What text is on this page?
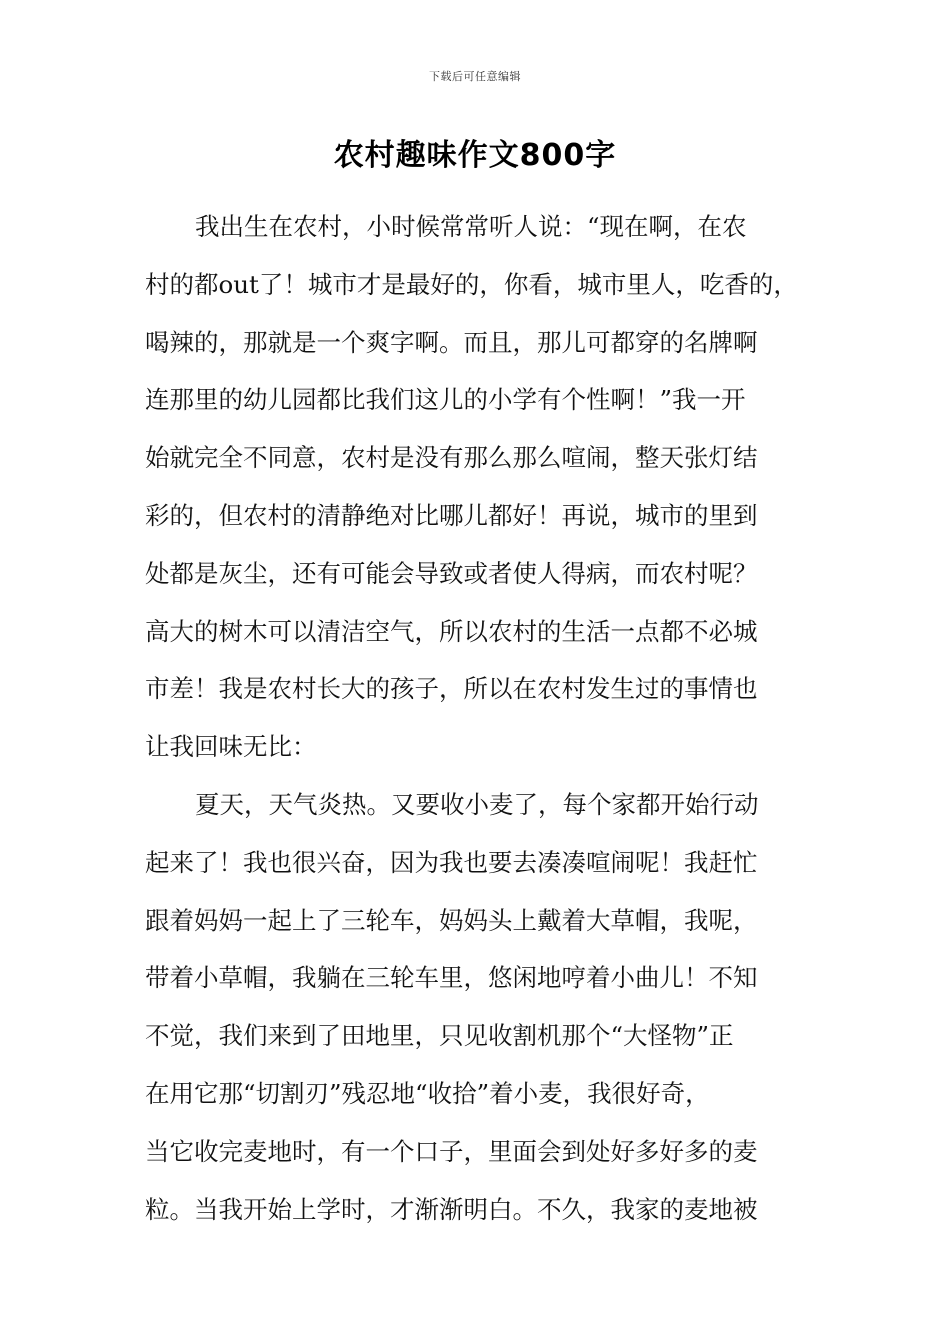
下载后可任意编辑
农村趣味作文800字
我出生在农村，小时候常常听人说：“现在啊，在农
村的都out了！城市才是最好的，你看，城市里人，吃香的，
喝辣的，那就是一个爽字啊。而且，那儿可都穿的名牌啊
连那里的幼儿园都比我们这儿的小学有个性啊！”我一开
始就完全不同意，农村是没有那么那么喧闹，整天张灯结
彩的，但农村的清静绝对比哪儿都好！再说，城市的里到
处都是灰尘，还有可能会导致或者使人得病，而农村呢？
高大的树木可以清洁空气，所以农村的生活一点都不必城
市差！我是农村长大的孩子，所以在农村发生过的事情也
让我回味无比：
夏天，天气炎热。又要收小麦了，每个家都开始行动
起来了！我也很兴奋，因为我也要去凑凑喧闹呢！我赶忙
跟着妈妈一起上了三轮车，妈妈头上戴着大草帽，我呢，
带着小草帽，我躺在三轮车里，悠闲地哼着小曲儿！不知
不觉，我们来到了田地里，只见收割机那个“大怪物”正
在用它那“切割刃”残忍地“收拾”着小麦，我很好奇，
当它收完麦地时，有一个口子，里面会到处好多好多的麦
粒。当我开始上学时，才渐渐明白。不久，我家的麦地被
